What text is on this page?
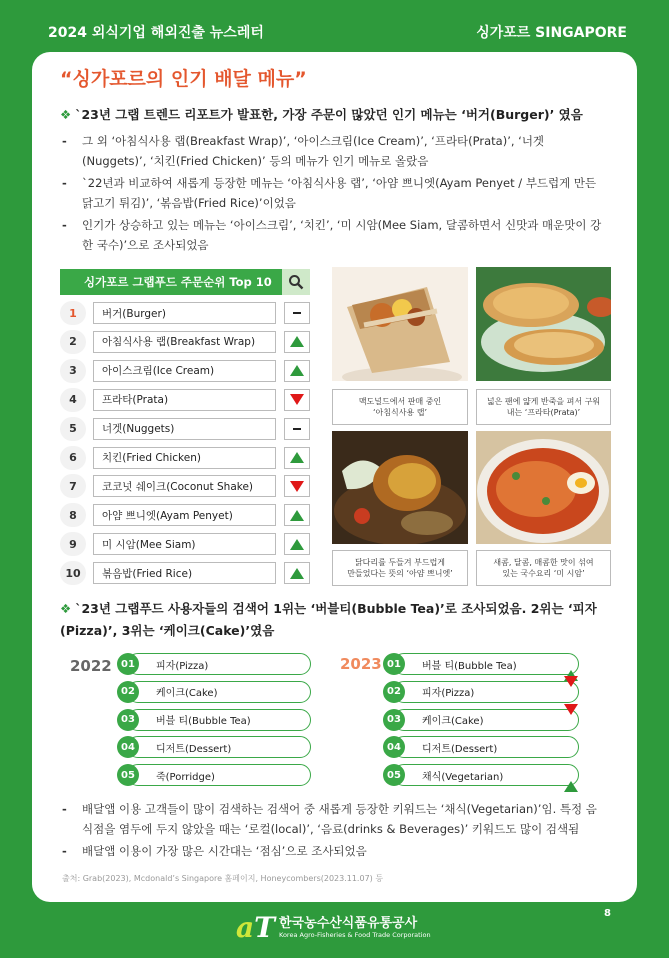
2024 외식기업 해외진출 뉴스레터	싱가포르 SINGAPORE
“싱가포르의 인기 배달 메뉴”
❖ `23년 그랩 트렌드 리포트가 발표한, 가장 주문이 많았던 인기 메뉴는 ‘버거(Burger)’ 였음
- 그 외 ‘아침식사용 랩(Breakfast Wrap)’, ‘아이스크림(Ice Cream)’, ‘프라타(Prata)’, ‘너겟(Nuggets)’, ‘치킨(Fried Chicken)’ 등의 메뉴가 인기 메뉴로 올랐음
- `22년과 비교하여 새롭게 등장한 메뉴는 ‘아침식사용 랩’, ‘아얌 쁘니엣(Ayam Penyet / 부드럽게 만든 닭고기 튀김)’, ‘볶음밥(Fried Rice)’이었음
- 인기가 상승하고 있는 메뉴는 ‘아이스크림’, ‘치킨’, ‘미 시암(Mee Siam, 달콤하면서 신맛과 매운맛이 강한 국수)’으로 조사되었음
싱가포르 그랩푸드 주문순위 Top 10
1	버거(Burger)
2	아침식사용 랩(Breakfast Wrap)
3	아이스크림(Ice Cream)
4	프라타(Prata)
5	너겟(Nuggets)
6	치킨(Fried Chicken)
7	코코넛 쉐이크(Coconut Shake)
8	아얌 쁘니엣(Ayam Penyet)
9	미 시암(Mee Siam)
10	볶음밥(Fried Rice)
맥도널드에서 판매 중인
‘아침식사용 랩’
넓은 팬에 얇게 반죽을 펴서 구워
내는 ‘프라타(Prata)’
닭다리를 두들겨 부드럽게
만들었다는 뜻의 ‘아얌 쁘니엣’
새콤, 달콤, 매콤한 맛이 섞여
있는 국수요리 ‘미 시암’
❖ `23년 그랩푸드 사용자들의 검색어 1위는 ‘버블티(Bubble Tea)’로 조사되었음. 2위는 ‘피자(Pizza)’, 3위는 ‘케이크(Cake)’였음
2022	2023
01	피자(Pizza)
02	케이크(Cake)
03	버블 티(Bubble Tea)
04	디저트(Dessert)
05	죽(Porridge)
01	버블 티(Bubble Tea)
02	피자(Pizza)
03	케이크(Cake)
04	디저트(Dessert)
05	채식(Vegetarian)
- 배달앱 이용 고객들이 많이 검색하는 검색어 중 새롭게 등장한 키워드는 ‘채식(Vegetarian)’임. 특정 음식점을 염두에 두지 않았을 때는 ‘로컬(local)’, ‘음료(drinks & Beverages)’ 키워드도 많이 검색됨
- 배달앱 이용이 가장 많은 시간대는 ‘점심’으로 조사되었음
출처: Grab(2023), Mcdonald’s Singapore 홈페이지, Honeycombers(2023.11.07) 등
8
aT 한국농수산식품유통공사
Korea Agro-Fisheries & Food Trade Corporation
